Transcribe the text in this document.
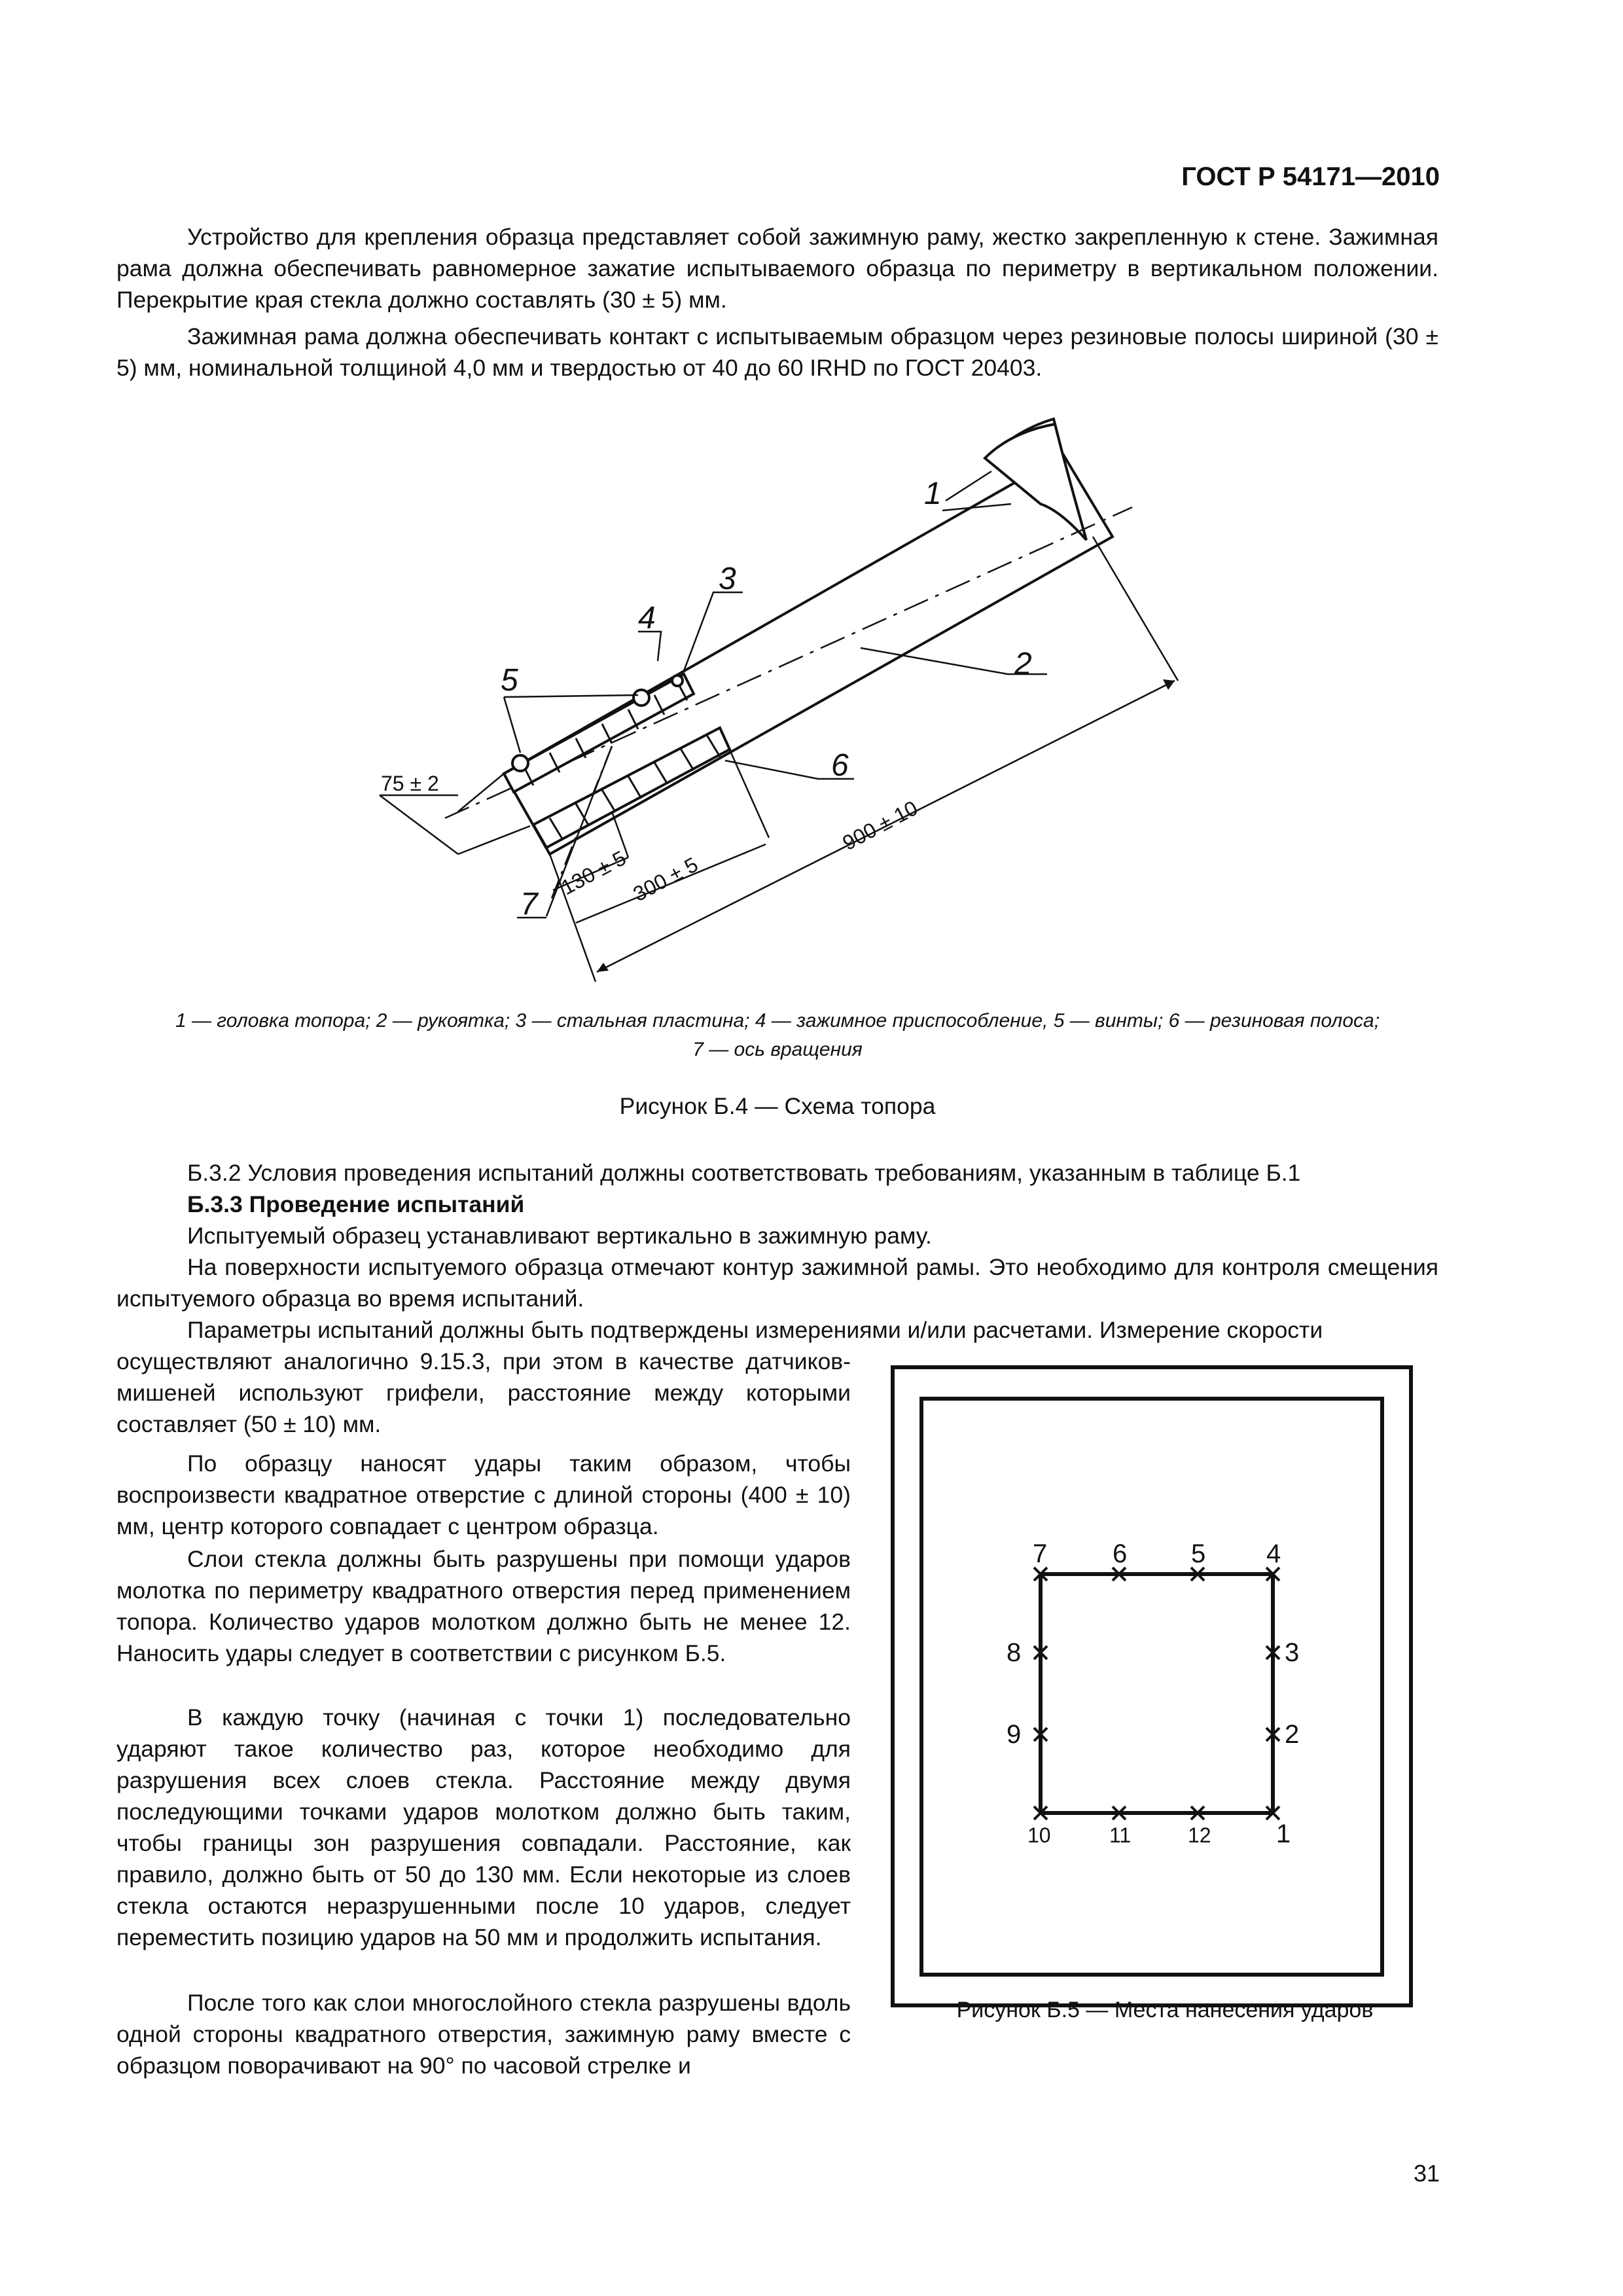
ГОСТ Р 54171—2010

Устройство для крепления образца представляет собой зажимную раму, жестко закрепленную к стене. Зажимная рама должна обеспечивать равномерное зажатие испытываемого образца по периметру в вертикальном положении. Перекрытие края стекла должно составлять (30 ± 5) мм.

Зажимная рама должна обеспечивать контакт с испытываемым образцом через резиновые полосы шириной (30 ± 5) мм, номинальной толщиной 4,0 мм и твердостью от 40 до 60 IRHD по ГОСТ 20403.

1
2
3
4
5
6
7
75 ± 2
130 ± 5 300 ± 5
900 ± 10
1 — головка топора; 2 — рукоятка; 3 — стальная пластина; 4 — зажимное приспособление, 5 — винты; 6 — резиновая полоса;
7 — ось вращения
Рисунок Б.4 — Схема топора

Б.3.2 Условия проведения испытаний должны соответствовать требованиям, указанным в таблице Б.1

Б.3.3 Проведение испытаний

Испытуемый образец устанавливают вертикально в зажимную раму.

На поверхности испытуемого образца отмечают контур зажимной рамы. Это необходимо для контроля смещения испытуемого образца во время испытаний.

Параметры испытаний должны быть подтверждены измерениями и/или расчетами. Измерение скорости

осуществляют аналогично 9.15.3, при этом в качестве датчиков-мишеней используют грифели, расстояние между которыми составляет (50 ± 10) мм.

По образцу наносят удары таким образом, чтобы воспроизвести квадратное отверстие с длиной стороны (400 ± 10) мм, центр которого совпадает с центром образца.

Слои стекла должны быть разрушены при помощи ударов молотка по периметру квадратного отверстия перед применением топора. Количество ударов молотком должно быть не менее 12. Наносить удары следует в соответствии с рисунком Б.5.

В каждую точку (начиная с точки 1) последовательно ударяют такое количество раз, которое необходимо для разрушения всех слоев стекла. Расстояние между двумя последующими точками ударов молотком должно быть таким, чтобы границы зон разрушения совпадали. Расстояние, как правило, должно быть от 50 до 130 мм. Если некоторые из слоев стекла остаются неразрушенными после 10 ударов, следует переместить позицию ударов на 50 мм и продолжить испытания.

После того как слои многослойного стекла разрушены вдоль одной стороны квадратного отверстия, зажимную раму вместе с образцом поворачивают на 90° по часовой стрелке и

1
2
3
4
5
6
7
8
9
10	11	12
Рисунок Б.5 — Места нанесения ударов
31
